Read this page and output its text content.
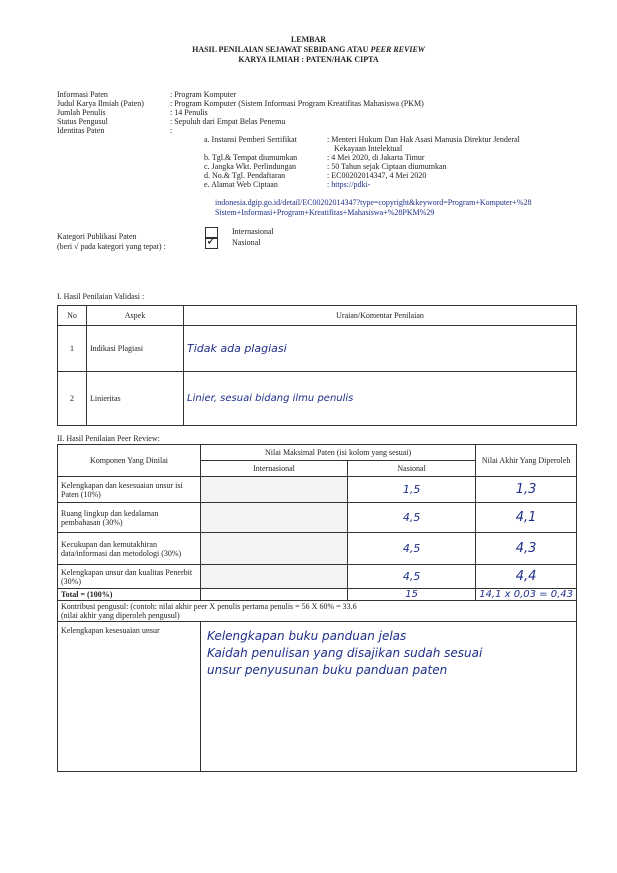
LEMBAR
HASIL PENILAIAN SEJAWAT SEBIDANG ATAU PEER REVIEW
KARYA ILMIAH : PATEN/HAK CIPTA
Informasi Paten	: Program Komputer
Judul Karya Ilmiah (Paten)	: Program Komputer (Sistem Informasi Program Kreatifitas Mahasiswa (PKM)
Jumlah Penulis	: 14 Penulis
Status Pengusul	: Sepuluh dari Empat Belas Penemu
Identitas Paten	:
a. Instansi Pemberi Sertifikat	: Menteri Hukum Dan Hak Asasi Manusia Direktur Jenderal
Kekayaan Intelektual
b. Tgl.& Tempat diumumkan	: 4 Mei 2020, di Jakarta Timur
c. Jangka Wkt. Perlindungan	: 50 Tahun sejak Ciptaan diumumkan
d. No.& Tgl. Pendaftaran	: EC00202014347, 4 Mei 2020
e. Alamat Web Ciptaan	: https://pdki-
indonesia.dgip.go.id/detail/EC00202014347?type=copyright&keyword=Program+Komputer+%28
Sistem+Informasi+Program+Kreatifitas+Mahasiswa+%28PKM%29
Kategori Publikasi Paten
(beri √ pada kategori yang tepat) :	✓
Internasional
Nasional
I. Hasil Penilaian Validasi :
No	Aspek	Uraian/Komentar Penilaian
1	Indikasi Plagiasi	Tidak ada plagiasi
2	Linieritas	Linier, sesuai bidang ilmu penulis
II. Hasil Penilaian Peer Review:
Komponen Yang Dinilai	Nilai Maksimal Paten (isi kolom yang sesuai)		Nilai Akhir Yang Diperoleh
	Internasional	Nasional	
Kelengkapan dan kesesuaian unsur isi Paten (10%)		1,5	1,3
Ruang lingkup dan kedalaman pembahasan (30%)		4,5	4,1
Kecukupan dan kemutakhiran data/informasi dan metodologi (30%)		4,5	4,3
Kelengkapan unsur dan kualitas Penerbit (30%)		4,5	4,4
Total = (100%)		15	14,1 x 0,03 = 0,43

Kontribusi pengusul: (contoh: nilai akhir peer X penulis pertama penulis = 56 X 60% = 33.6
(nilai akhir yang diperoleh pengusul)			

Kelengkapan kesesuaian unsur	Kelengkapan buku panduan jelas
Kaidah penulisan yang disajikan sudah sesuai
unsur penyusunan buku panduan paten		
